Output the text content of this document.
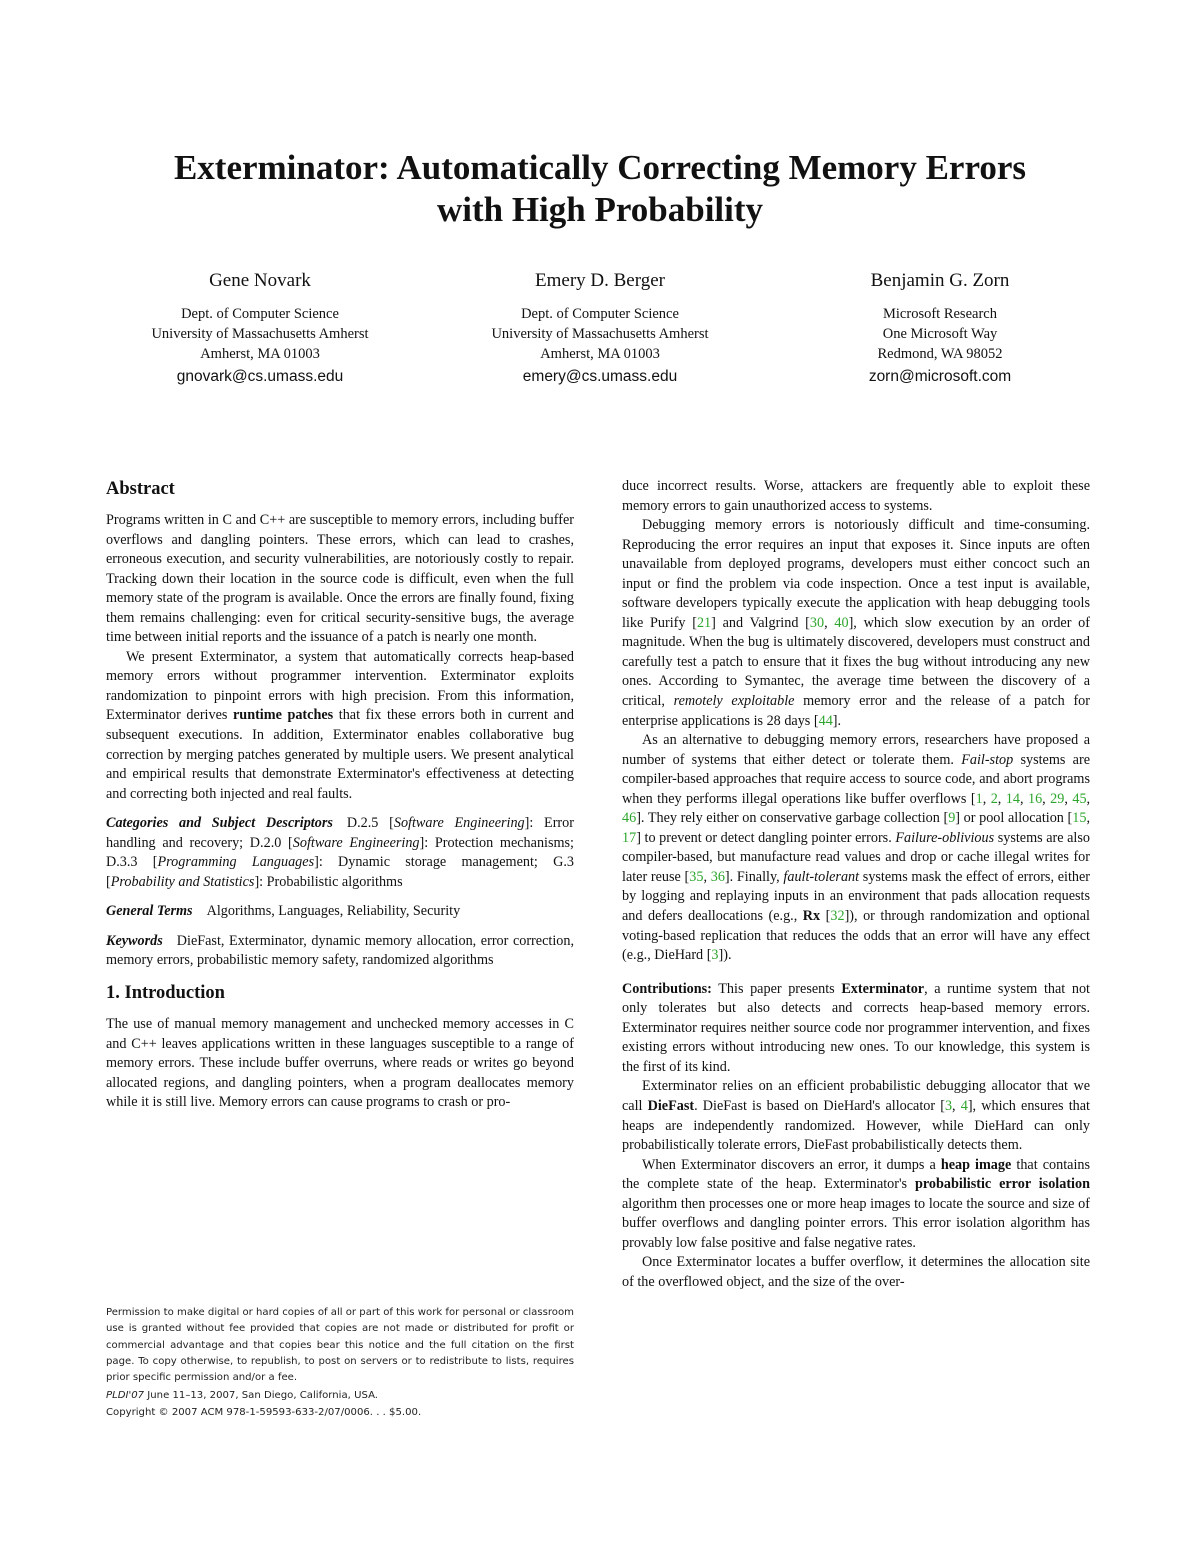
Exterminator: Automatically Correcting Memory Errors
with High Probability
Gene Novark
Dept. of Computer Science
University of Massachusetts Amherst
Amherst, MA 01003
gnovark@cs.umass.edu
Emery D. Berger
Dept. of Computer Science
University of Massachusetts Amherst
Amherst, MA 01003
emery@cs.umass.edu
Benjamin G. Zorn
Microsoft Research
One Microsoft Way
Redmond, WA 98052
zorn@microsoft.com
Abstract

Programs written in C and C++ are susceptible to memory errors, including buffer overflows and dangling pointers. These errors, which can lead to crashes, erroneous execution, and security vulnerabilities, are notoriously costly to repair. Tracking down their location in the source code is difficult, even when the full memory state of the program is available. Once the errors are finally found, fixing them remains challenging: even for critical security-sensitive bugs, the average time between initial reports and the issuance of a patch is nearly one month.

We present Exterminator, a system that automatically corrects heap-based memory errors without programmer intervention. Exterminator exploits randomization to pinpoint errors with high precision. From this information, Exterminator derives runtime patches that fix these errors both in current and subsequent executions. In addition, Exterminator enables collaborative bug correction by merging patches generated by multiple users. We present analytical and empirical results that demonstrate Exterminator's effectiveness at detecting and correcting both injected and real faults.

Categories and Subject Descriptors D.2.5 [Software Engineering]: Error handling and recovery; D.2.0 [Software Engineering]: Protection mechanisms; D.3.3 [Programming Languages]: Dynamic storage management; G.3 [Probability and Statistics]: Probabilistic algorithms

General Terms Algorithms, Languages, Reliability, Security

Keywords DieFast, Exterminator, dynamic memory allocation, error correction, memory errors, probabilistic memory safety, randomized algorithms

1. Introduction

The use of manual memory management and unchecked memory accesses in C and C++ leaves applications written in these languages susceptible to a range of memory errors. These include buffer overruns, where reads or writes go beyond allocated regions, and dangling pointers, when a program deallocates memory while it is still live. Memory errors can cause programs to crash or pro-

Permission to make digital or hard copies of all or part of this work for personal or classroom use is granted without fee provided that copies are not made or distributed for profit or commercial advantage and that copies bear this notice and the full citation on the first page. To copy otherwise, to republish, to post on servers or to redistribute to lists, requires prior specific permission and/or a fee.
PLDI'07 June 11–13, 2007, San Diego, California, USA.
Copyright © 2007 ACM 978-1-59593-633-2/07/0006. . . $5.00.

duce incorrect results. Worse, attackers are frequently able to exploit these memory errors to gain unauthorized access to systems.

Debugging memory errors is notoriously difficult and time-consuming. Reproducing the error requires an input that exposes it. Since inputs are often unavailable from deployed programs, developers must either concoct such an input or find the problem via code inspection. Once a test input is available, software developers typically execute the application with heap debugging tools like Purify [21] and Valgrind [30, 40], which slow execution by an order of magnitude. When the bug is ultimately discovered, developers must construct and carefully test a patch to ensure that it fixes the bug without introducing any new ones. According to Symantec, the average time between the discovery of a critical, remotely exploitable memory error and the release of a patch for enterprise applications is 28 days [44].

As an alternative to debugging memory errors, researchers have proposed a number of systems that either detect or tolerate them. Fail-stop systems are compiler-based approaches that require access to source code, and abort programs when they performs illegal operations like buffer overflows [1, 2, 14, 16, 29, 45, 46]. They rely either on conservative garbage collection [9] or pool allocation [15, 17] to prevent or detect dangling pointer errors. Failure-oblivious systems are also compiler-based, but manufacture read values and drop or cache illegal writes for later reuse [35, 36]. Finally, fault-tolerant systems mask the effect of errors, either by logging and replaying inputs in an environment that pads allocation requests and defers deallocations (e.g., Rx [32]), or through randomization and optional voting-based replication that reduces the odds that an error will have any effect (e.g., DieHard [3]).

Contributions: This paper presents Exterminator, a runtime system that not only tolerates but also detects and corrects heap-based memory errors. Exterminator requires neither source code nor programmer intervention, and fixes existing errors without introducing new ones. To our knowledge, this system is the first of its kind.

Exterminator relies on an efficient probabilistic debugging allocator that we call DieFast. DieFast is based on DieHard's allocator [3, 4], which ensures that heaps are independently randomized. However, while DieHard can only probabilistically tolerate errors, DieFast probabilistically detects them.

When Exterminator discovers an error, it dumps a heap image that contains the complete state of the heap. Exterminator's probabilistic error isolation algorithm then processes one or more heap images to locate the source and size of buffer overflows and dangling pointer errors. This error isolation algorithm has provably low false positive and false negative rates.

Once Exterminator locates a buffer overflow, it determines the allocation site of the overflowed object, and the size of the over-
